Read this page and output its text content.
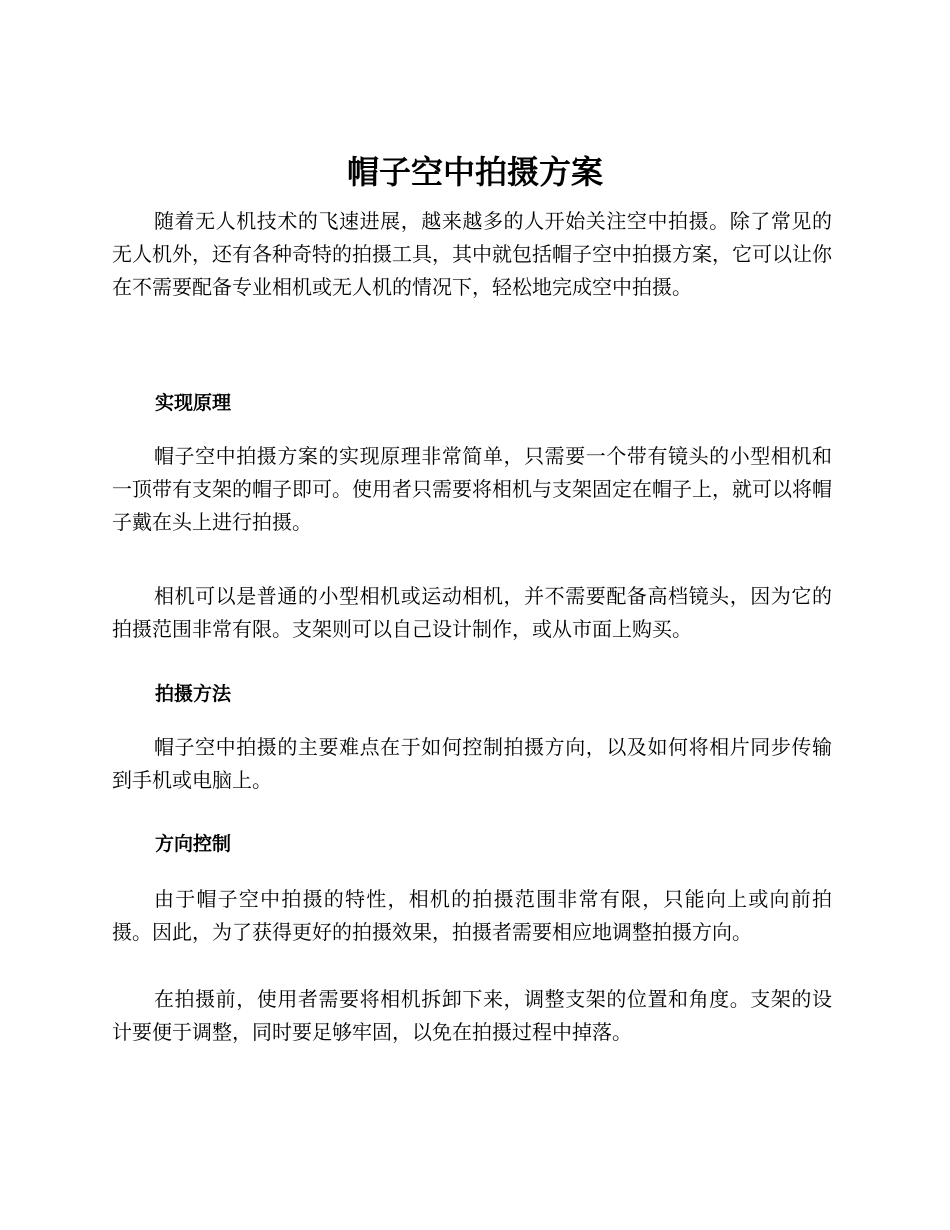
帽子空中拍摄方案

随着无人机技术的飞速进展，越来越多的人开始关注空中拍摄。除了常见的无人机外，还有各种奇特的拍摄工具，其中就包括帽子空中拍摄方案，它可以让你在不需要配备专业相机或无人机的情况下，轻松地完成空中拍摄。

实现原理

帽子空中拍摄方案的实现原理非常简单，只需要一个带有镜头的小型相机和一顶带有支架的帽子即可。使用者只需要将相机与支架固定在帽子上，就可以将帽子戴在头上进行拍摄。

相机可以是普通的小型相机或运动相机，并不需要配备高档镜头，因为它的拍摄范围非常有限。支架则可以自己设计制作，或从市面上购买。

拍摄方法

帽子空中拍摄的主要难点在于如何控制拍摄方向，以及如何将相片同步传输到手机或电脑上。

方向控制

由于帽子空中拍摄的特性，相机的拍摄范围非常有限，只能向上或向前拍摄。因此，为了获得更好的拍摄效果，拍摄者需要相应地调整拍摄方向。

在拍摄前，使用者需要将相机拆卸下来，调整支架的位置和角度。支架的设计要便于调整，同时要足够牢固，以免在拍摄过程中掉落。
